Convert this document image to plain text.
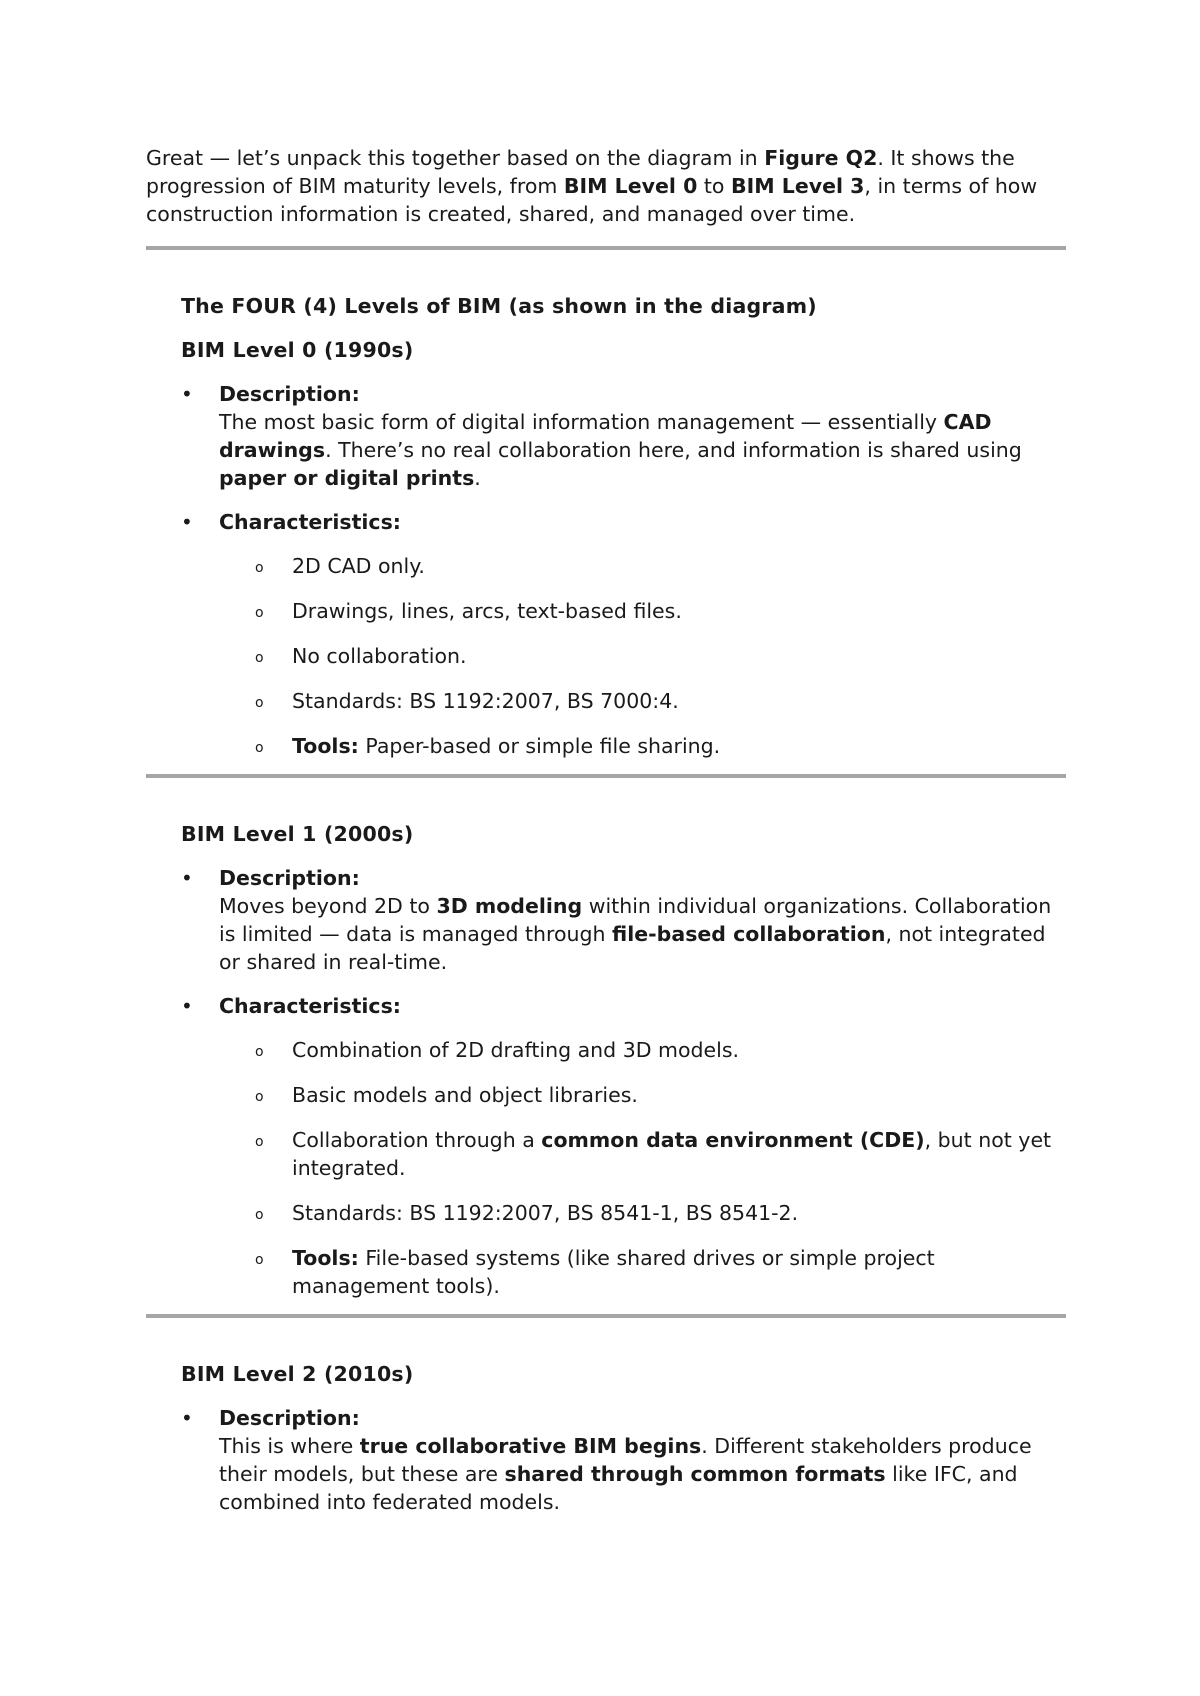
Great — let’s unpack this together based on the diagram in Figure Q2. It shows the progression of BIM maturity levels, from BIM Level 0 to BIM Level 3, in terms of how construction information is created, shared, and managed over time.

The FOUR (4) Levels of BIM (as shown in the diagram)
BIM Level 0 (1990s)
• Description:
The most basic form of digital information management — essentially CAD drawings. There’s no real collaboration here, and information is shared using paper or digital prints.
• Characteristics:
o 2D CAD only.
o Drawings, lines, arcs, text-based files.
o No collaboration.
o Standards: BS 1192:2007, BS 7000:4.
o Tools: Paper-based or simple file sharing.
BIM Level 1 (2000s)
• Description:
Moves beyond 2D to 3D modeling within individual organizations. Collaboration is limited — data is managed through file-based collaboration, not integrated or shared in real-time.
• Characteristics:
o Combination of 2D drafting and 3D models.
o Basic models and object libraries.
o Collaboration through a common data environment (CDE), but not yet integrated.
o Standards: BS 1192:2007, BS 8541-1, BS 8541-2.
o Tools: File-based systems (like shared drives or simple project management tools).
BIM Level 2 (2010s)
• Description:
This is where true collaborative BIM begins. Different stakeholders produce their models, but these are shared through common formats like IFC, and combined into federated models.
